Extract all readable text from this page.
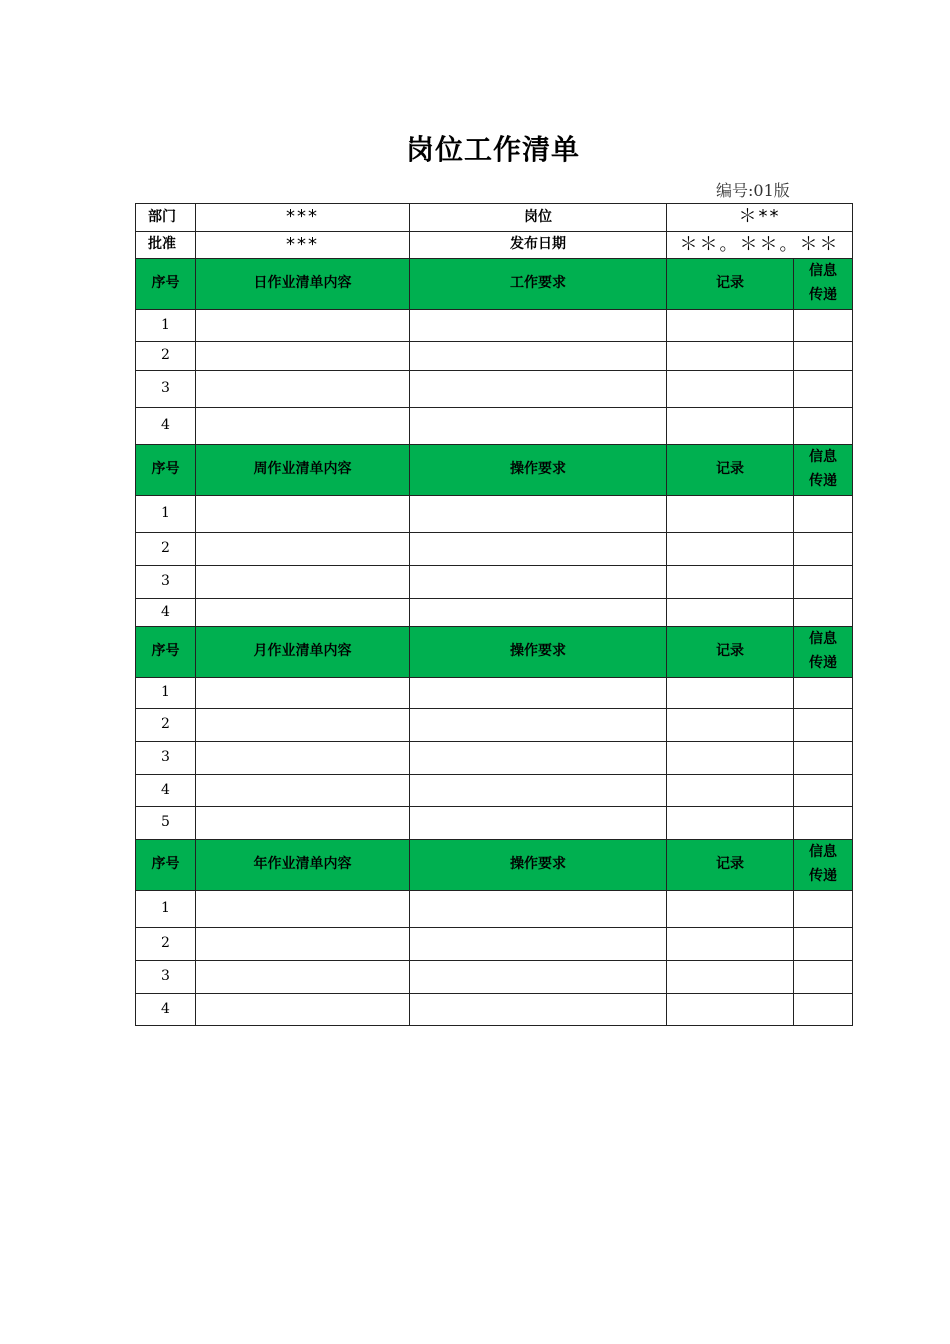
岗位工作清单
编号:01版
部门	***	岗位	＊**	
批准	***	发布日期	＊＊。＊＊。＊＊	
序号	日作业清单内容	工作要求	记录	信息
传递
1				
2				
3				
4				
序号	周作业清单内容	操作要求	记录	信息
传递
1				
2				
3				
4				
序号	月作业清单内容	操作要求	记录	信息
传递
1				
2				
3				
4				
5				
序号	年作业清单内容	操作要求	记录	信息
传递
1				
2				
3				
4				
